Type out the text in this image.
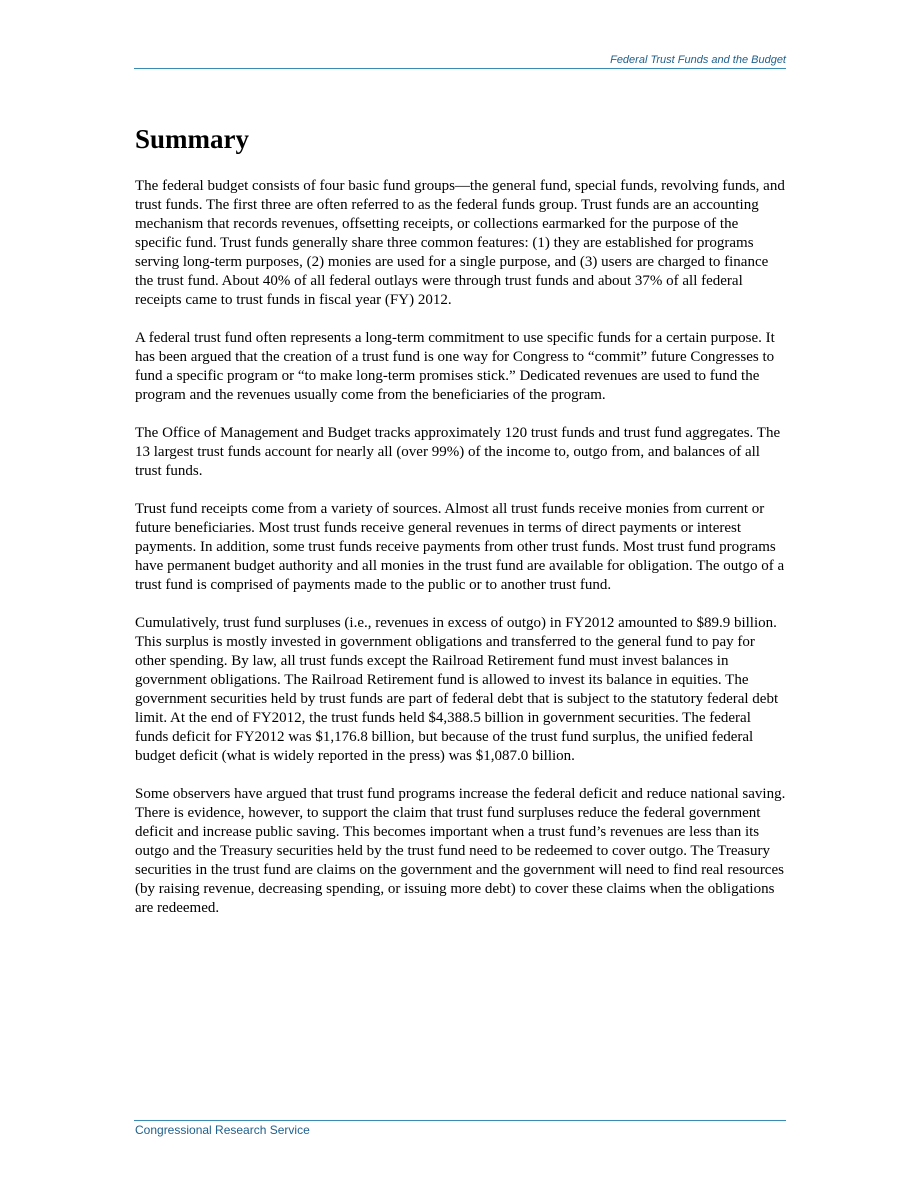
Federal Trust Funds and the Budget
Summary

The federal budget consists of four basic fund groups—the general fund, special funds, revolving funds, and trust funds. The first three are often referred to as the federal funds group. Trust funds are an accounting mechanism that records revenues, offsetting receipts, or collections earmarked for the purpose of the specific fund. Trust funds generally share three common features: (1) they are established for programs serving long-term purposes, (2) monies are used for a single purpose, and (3) users are charged to finance the trust fund. About 40% of all federal outlays were through trust funds and about 37% of all federal receipts came to trust funds in fiscal year (FY) 2012.

A federal trust fund often represents a long-term commitment to use specific funds for a certain purpose. It has been argued that the creation of a trust fund is one way for Congress to “commit” future Congresses to fund a specific program or “to make long-term promises stick.” Dedicated revenues are used to fund the program and the revenues usually come from the beneficiaries of the program.

The Office of Management and Budget tracks approximately 120 trust funds and trust fund aggregates. The 13 largest trust funds account for nearly all (over 99%) of the income to, outgo from, and balances of all trust funds.

Trust fund receipts come from a variety of sources. Almost all trust funds receive monies from current or future beneficiaries. Most trust funds receive general revenues in terms of direct payments or interest payments. In addition, some trust funds receive payments from other trust funds. Most trust fund programs have permanent budget authority and all monies in the trust fund are available for obligation. The outgo of a trust fund is comprised of payments made to the public or to another trust fund.

Cumulatively, trust fund surpluses (i.e., revenues in excess of outgo) in FY2012 amounted to $89.9 billion. This surplus is mostly invested in government obligations and transferred to the general fund to pay for other spending. By law, all trust funds except the Railroad Retirement fund must invest balances in government obligations. The Railroad Retirement fund is allowed to invest its balance in equities. The government securities held by trust funds are part of federal debt that is subject to the statutory federal debt limit. At the end of FY2012, the trust funds held $4,388.5 billion in government securities. The federal funds deficit for FY2012 was $1,176.8 billion, but because of the trust fund surplus, the unified federal budget deficit (what is widely reported in the press) was $1,087.0 billion.

Some observers have argued that trust fund programs increase the federal deficit and reduce national saving. There is evidence, however, to support the claim that trust fund surpluses reduce the federal government deficit and increase public saving. This becomes important when a trust fund’s revenues are less than its outgo and the Treasury securities held by the trust fund need to be redeemed to cover outgo. The Treasury securities in the trust fund are claims on the government and the government will need to find real resources (by raising revenue, decreasing spending, or issuing more debt) to cover these claims when the obligations are redeemed.

Congressional Research Service
